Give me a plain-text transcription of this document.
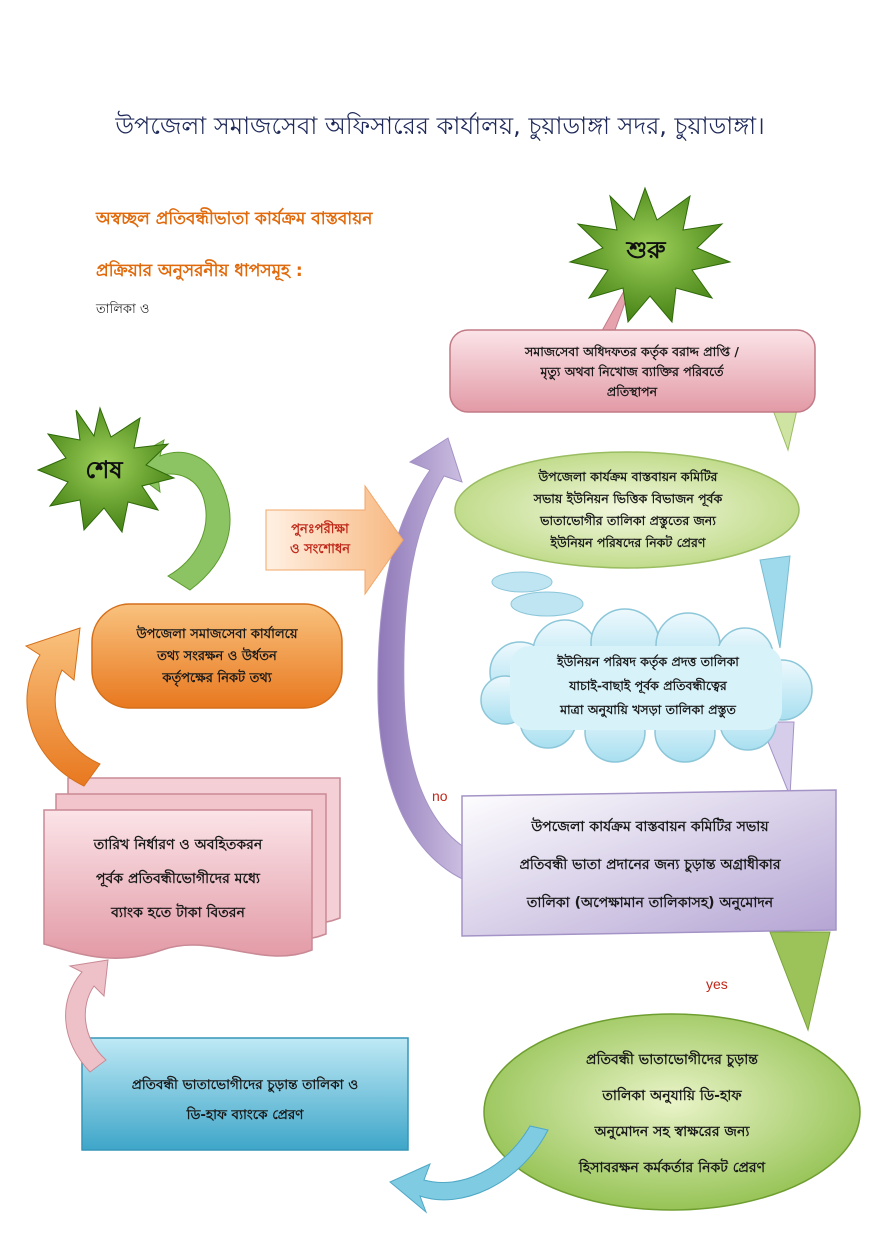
উপজেলা সমাজসেবা অফিসারের কার্যালয়, চুয়াডাঙ্গা সদর, চুয়াডাঙ্গা।
অস্বচ্ছল প্রতিবন্ধীভাতা কার্যক্রম বাস্তবায়ন
প্রক্রিয়ার অনুসরনীয় ধাপসমূহ :
তালিকা ও
শুরু
শেষ
পুনঃপরীক্ষা
ও সংশোধন
সমাজসেবা অধিদফতর কর্তৃক বরাদ্দ প্রাপ্তি /
মৃত্যু অথবা নিখোজ ব্যাক্তির পরিবর্তে
প্রতিস্থাপন
উপজেলা কার্যক্রম বাস্তবায়ন কমিটির
সভায় ইউনিয়ন ভিত্তিক বিভাজন পূর্বক
ভাতাভোগীর তালিকা প্রস্তুতের জন্য
ইউনিয়ন পরিষদের নিকট প্রেরণ
ইউনিয়ন পরিষদ কর্তৃক প্রদত্ত তালিকা
যাচাই-বাছাই পূর্বক প্রতিবন্ধীত্বের
মাত্রা অনুযায়ি খসড়া তালিকা প্রস্তুত
no
উপজেলা কার্যক্রম বাস্তবায়ন কমিটির সভায়
প্রতিবন্ধী ভাতা প্রদানের জন্য চুড়ান্ত অগ্রাধীকার
তালিকা (অপেক্ষামান তালিকাসহ) অনুমোদন
yes
প্রতিবন্ধী ভাতাভোগীদের চুড়ান্ত
তালিকা অনুযায়ি ডি-হাফ
অনুমোদন সহ স্বাক্ষরের জন্য
হিসাবরক্ষন কর্মকর্তার নিকট প্রেরণ
প্রতিবন্ধী ভাতাভোগীদের চুড়ান্ত তালিকা ও
ডি-হাফ ব্যাংকে প্রেরণ
তারিখ নির্ধারণ ও অবহিতকরন
পূর্বক প্রতিবন্ধীভোগীদের মধ্যে
ব্যাংক হতে টাকা বিতরন
উপজেলা সমাজসেবা কার্যালয়ে
তথ্য সংরক্ষন ও উর্ধতন
কর্তৃপক্ষের নিকট তথ্য
